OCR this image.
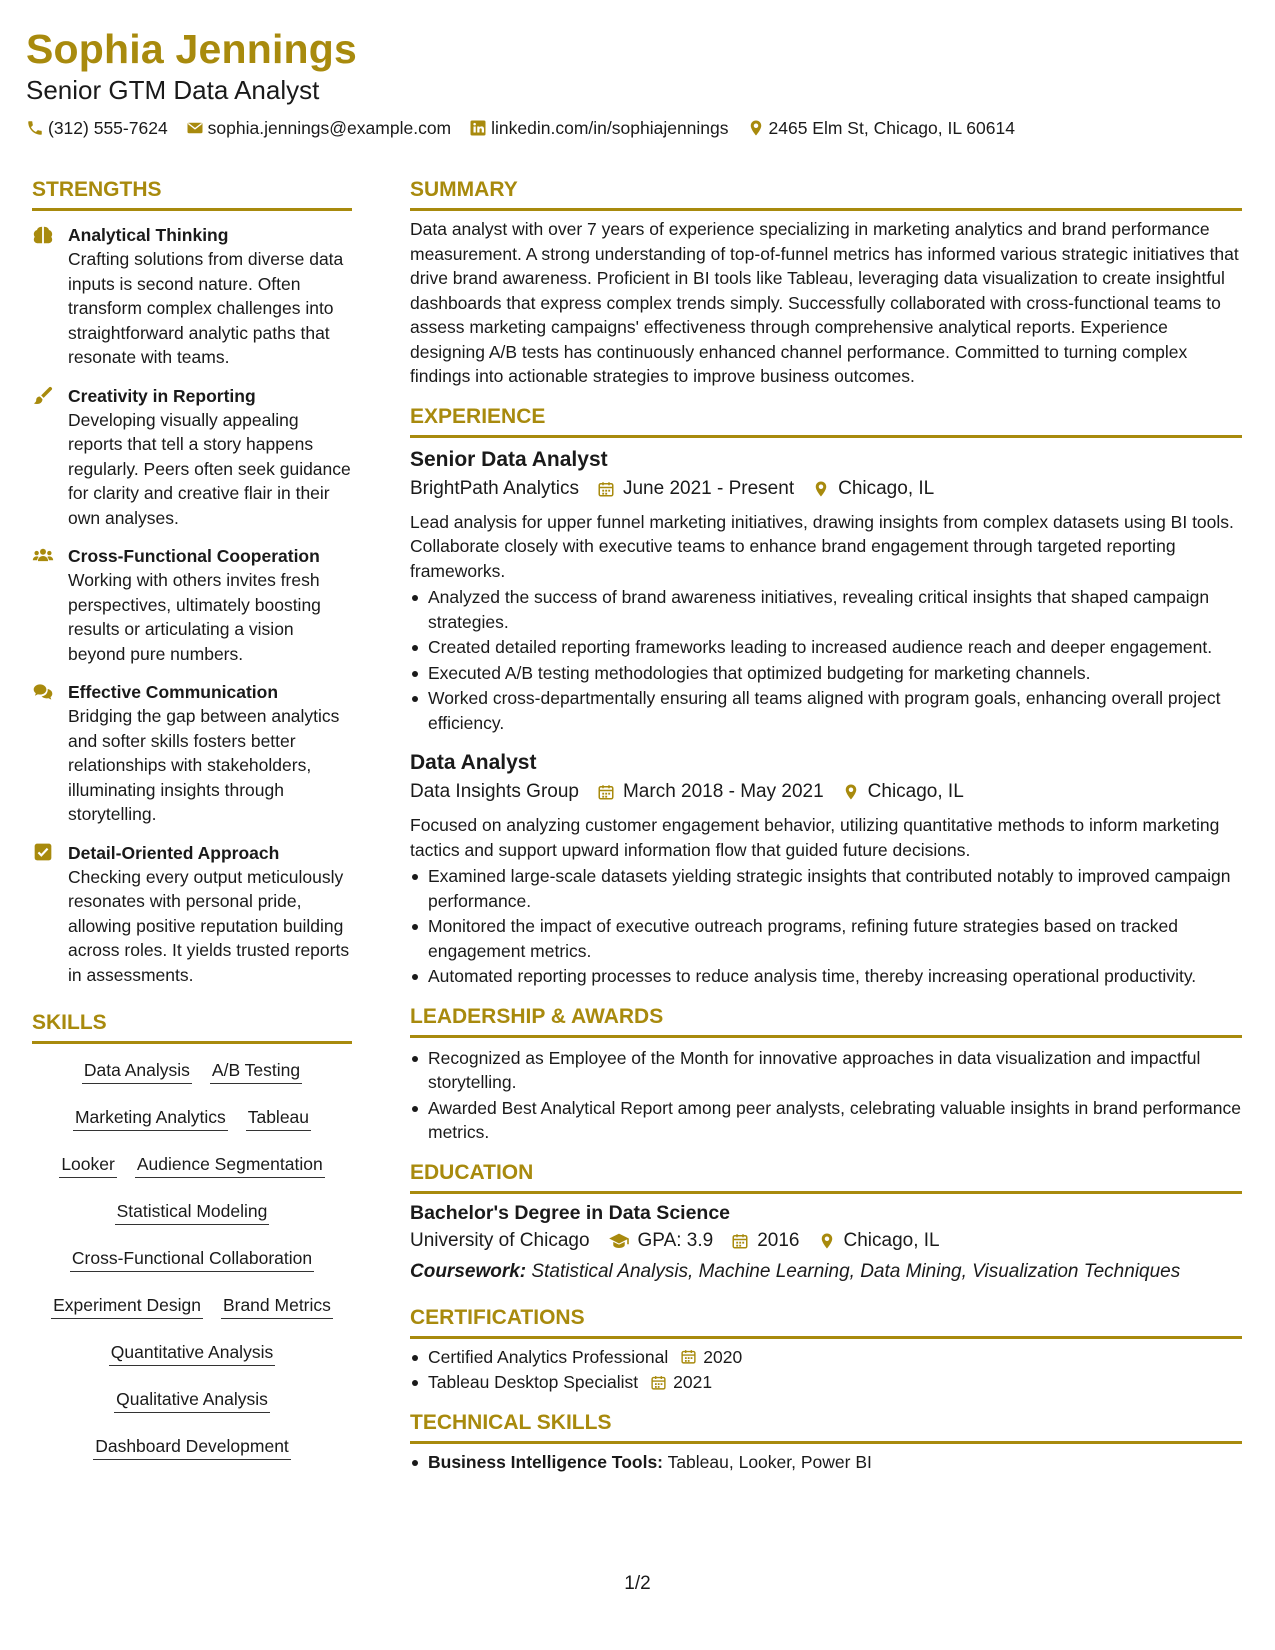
Sophia Jennings
Senior GTM Data Analyst
(312) 555-7624 sophia.jennings@example.com linkedin.com/in/sophiajennings 2465 Elm St, Chicago, IL 60614
STRENGTHS
Analytical Thinking
Crafting solutions from diverse data inputs is second nature. Often transform complex challenges into straightforward analytic paths that resonate with teams.
Creativity in Reporting
Developing visually appealing reports that tell a story happens regularly. Peers often seek guidance for clarity and creative flair in their own analyses.
Cross-Functional Cooperation
Working with others invites fresh perspectives, ultimately boosting results or articulating a vision beyond pure numbers.
Effective Communication
Bridging the gap between analytics and softer skills fosters better relationships with stakeholders, illuminating insights through storytelling.
Detail-Oriented Approach
Checking every output meticulously resonates with personal pride, allowing positive reputation building across roles. It yields trusted reports in assessments.
SKILLS
Data Analysis A/B Testing
Marketing Analytics Tableau
Looker Audience Segmentation
Statistical Modeling
Cross-Functional Collaboration
Experiment Design Brand Metrics
Quantitative Analysis
Qualitative Analysis
Dashboard Development
SUMMARY
Data analyst with over 7 years of experience specializing in marketing analytics and brand performance measurement. A strong understanding of top-of-funnel metrics has informed various strategic initiatives that drive brand awareness. Proficient in BI tools like Tableau, leveraging data visualization to create insightful dashboards that express complex trends simply. Successfully collaborated with cross-functional teams to assess marketing campaigns' effectiveness through comprehensive analytical reports. Experience designing A/B tests has continuously enhanced channel performance. Committed to turning complex findings into actionable strategies to improve business outcomes.
EXPERIENCE
Senior Data Analyst
BrightPath Analytics June 2021 - Present Chicago, IL
Lead analysis for upper funnel marketing initiatives, drawing insights from complex datasets using BI tools. Collaborate closely with executive teams to enhance brand engagement through targeted reporting frameworks.
Analyzed the success of brand awareness initiatives, revealing critical insights that shaped campaign strategies.
Created detailed reporting frameworks leading to increased audience reach and deeper engagement.
Executed A/B testing methodologies that optimized budgeting for marketing channels.
Worked cross-departmentally ensuring all teams aligned with program goals, enhancing overall project efficiency.
Data Analyst
Data Insights Group March 2018 - May 2021 Chicago, IL
Focused on analyzing customer engagement behavior, utilizing quantitative methods to inform marketing tactics and support upward information flow that guided future decisions.
Examined large-scale datasets yielding strategic insights that contributed notably to improved campaign performance.
Monitored the impact of executive outreach programs, refining future strategies based on tracked engagement metrics.
Automated reporting processes to reduce analysis time, thereby increasing operational productivity.
LEADERSHIP & AWARDS
Recognized as Employee of the Month for innovative approaches in data visualization and impactful storytelling.
Awarded Best Analytical Report among peer analysts, celebrating valuable insights in brand performance metrics.
EDUCATION
Bachelor's Degree in Data Science
University of Chicago	GPA: 3.9 2016 Chicago, IL
Coursework: Statistical Analysis, Machine Learning, Data Mining, Visualization Techniques
CERTIFICATIONS
Certified Analytics Professional 2020
Tableau Desktop Specialist 2021
TECHNICAL SKILLS
Business Intelligence Tools: Tableau, Looker, Power BI
1/2
